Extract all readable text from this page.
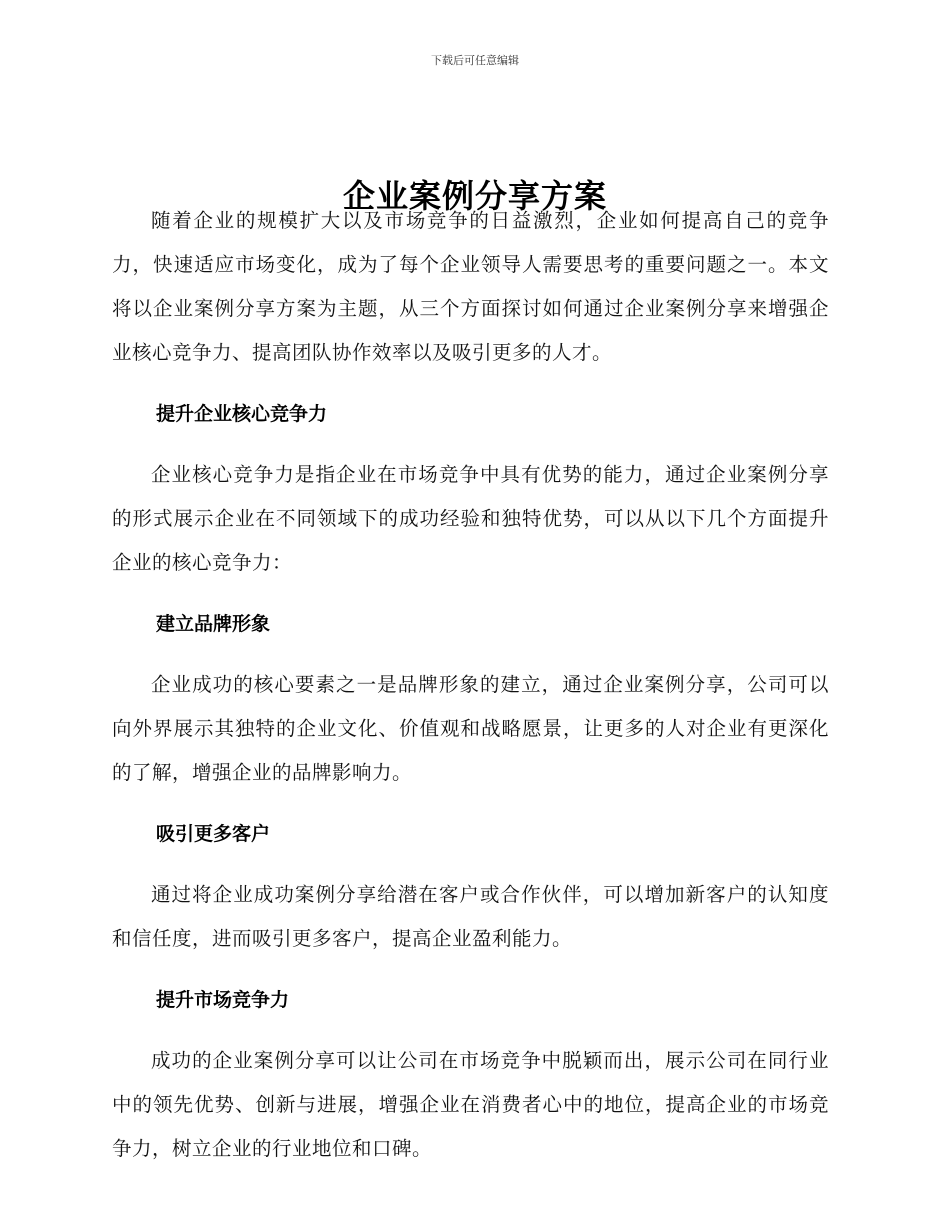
下载后可任意编辑
企业案例分享方案

随着企业的规模扩大以及市场竞争的日益激烈，企业如何提高自己的竞争力，快速适应市场变化，成为了每个企业领导人需要思考的重要问题之一。本文将以企业案例分享方案为主题，从三个方面探讨如何通过企业案例分享来增强企业核心竞争力、提高团队协作效率以及吸引更多的人才。

提升企业核心竞争力

企业核心竞争力是指企业在市场竞争中具有优势的能力，通过企业案例分享的形式展示企业在不同领域下的成功经验和独特优势，可以从以下几个方面提升企业的核心竞争力：

建立品牌形象

企业成功的核心要素之一是品牌形象的建立，通过企业案例分享，公司可以向外界展示其独特的企业文化、价值观和战略愿景，让更多的人对企业有更深化的了解，增强企业的品牌影响力。

吸引更多客户

通过将企业成功案例分享给潜在客户或合作伙伴，可以增加新客户的认知度和信任度，进而吸引更多客户，提高企业盈利能力。

提升市场竞争力

成功的企业案例分享可以让公司在市场竞争中脱颖而出，展示公司在同行业中的领先优势、创新与进展，增强企业在消费者心中的地位，提高企业的市场竞争力，树立企业的行业地位和口碑。
